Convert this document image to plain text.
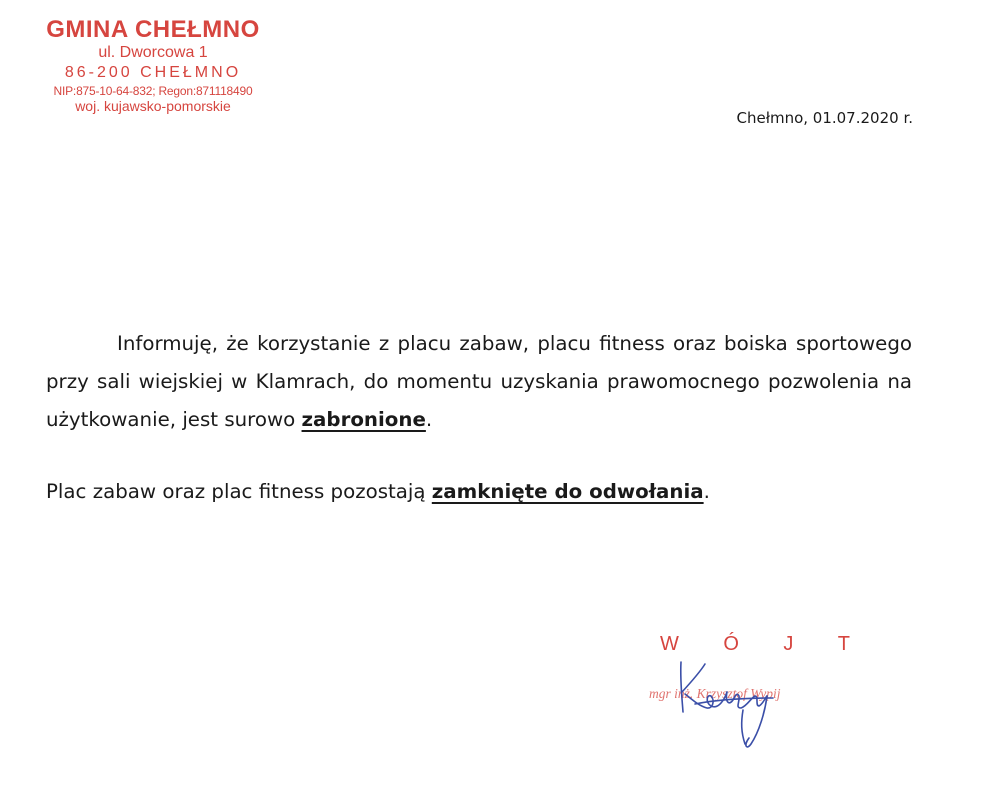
GMINA CHEŁMNO
ul. Dworcowa 1
86-200 CHEŁMNO
NIP:875-10-64-832; Regon:871118490
woj. kujawsko-pomorskie
Chełmno, 01.07.2020 r.

Informuję, że korzystanie z placu zabaw, placu fitness oraz boiska sportowego przy sali wiejskiej w Klamrach, do momentu uzyskania prawomocnego pozwolenia na użytkowanie, jest surowo zabronione.

Plac zabaw oraz plac fitness pozostają zamknięte do odwołania.

W Ó J T
mgr inż. Krzysztof Wypij
